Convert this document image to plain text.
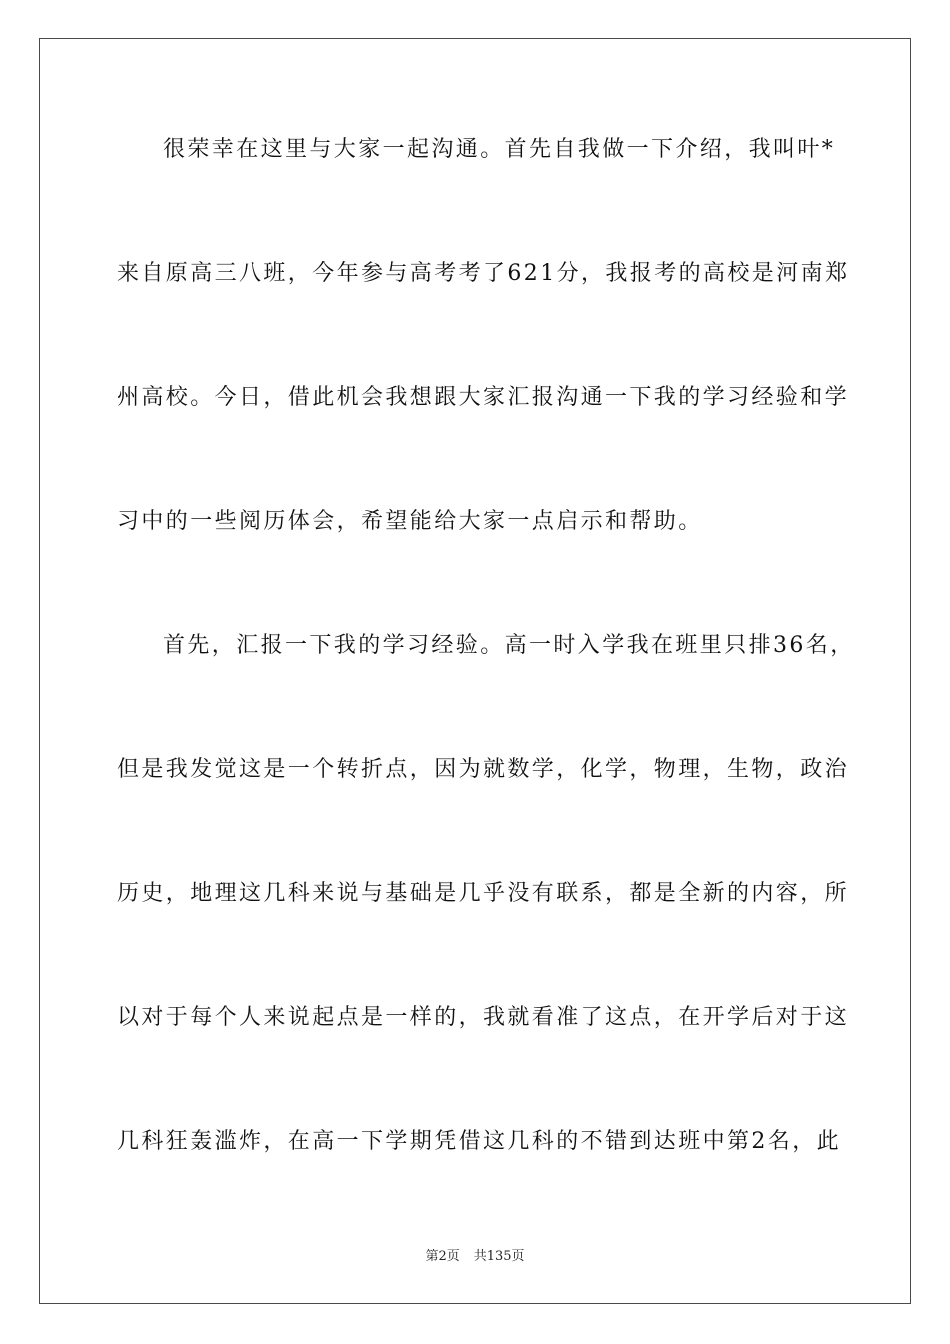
很荣幸在这里与大家一起沟通。首先自我做一下介绍，我叫叶*
来自原高三八班，今年参与高考考了621分，我报考的高校是河南郑
州高校。今日，借此机会我想跟大家汇报沟通一下我的学习经验和学
习中的一些阅历体会，希望能给大家一点启示和帮助。
首先，汇报一下我的学习经验。高一时入学我在班里只排36名，
但是我发觉这是一个转折点，因为就数学，化学，物理，生物，政治
历史，地理这几科来说与基础是几乎没有联系，都是全新的内容，所
以对于每个人来说起点是一样的，我就看准了这点，在开学后对于这
几科狂轰滥炸，在高一下学期凭借这几科的不错到达班中第2名，此
第2页 共135页
